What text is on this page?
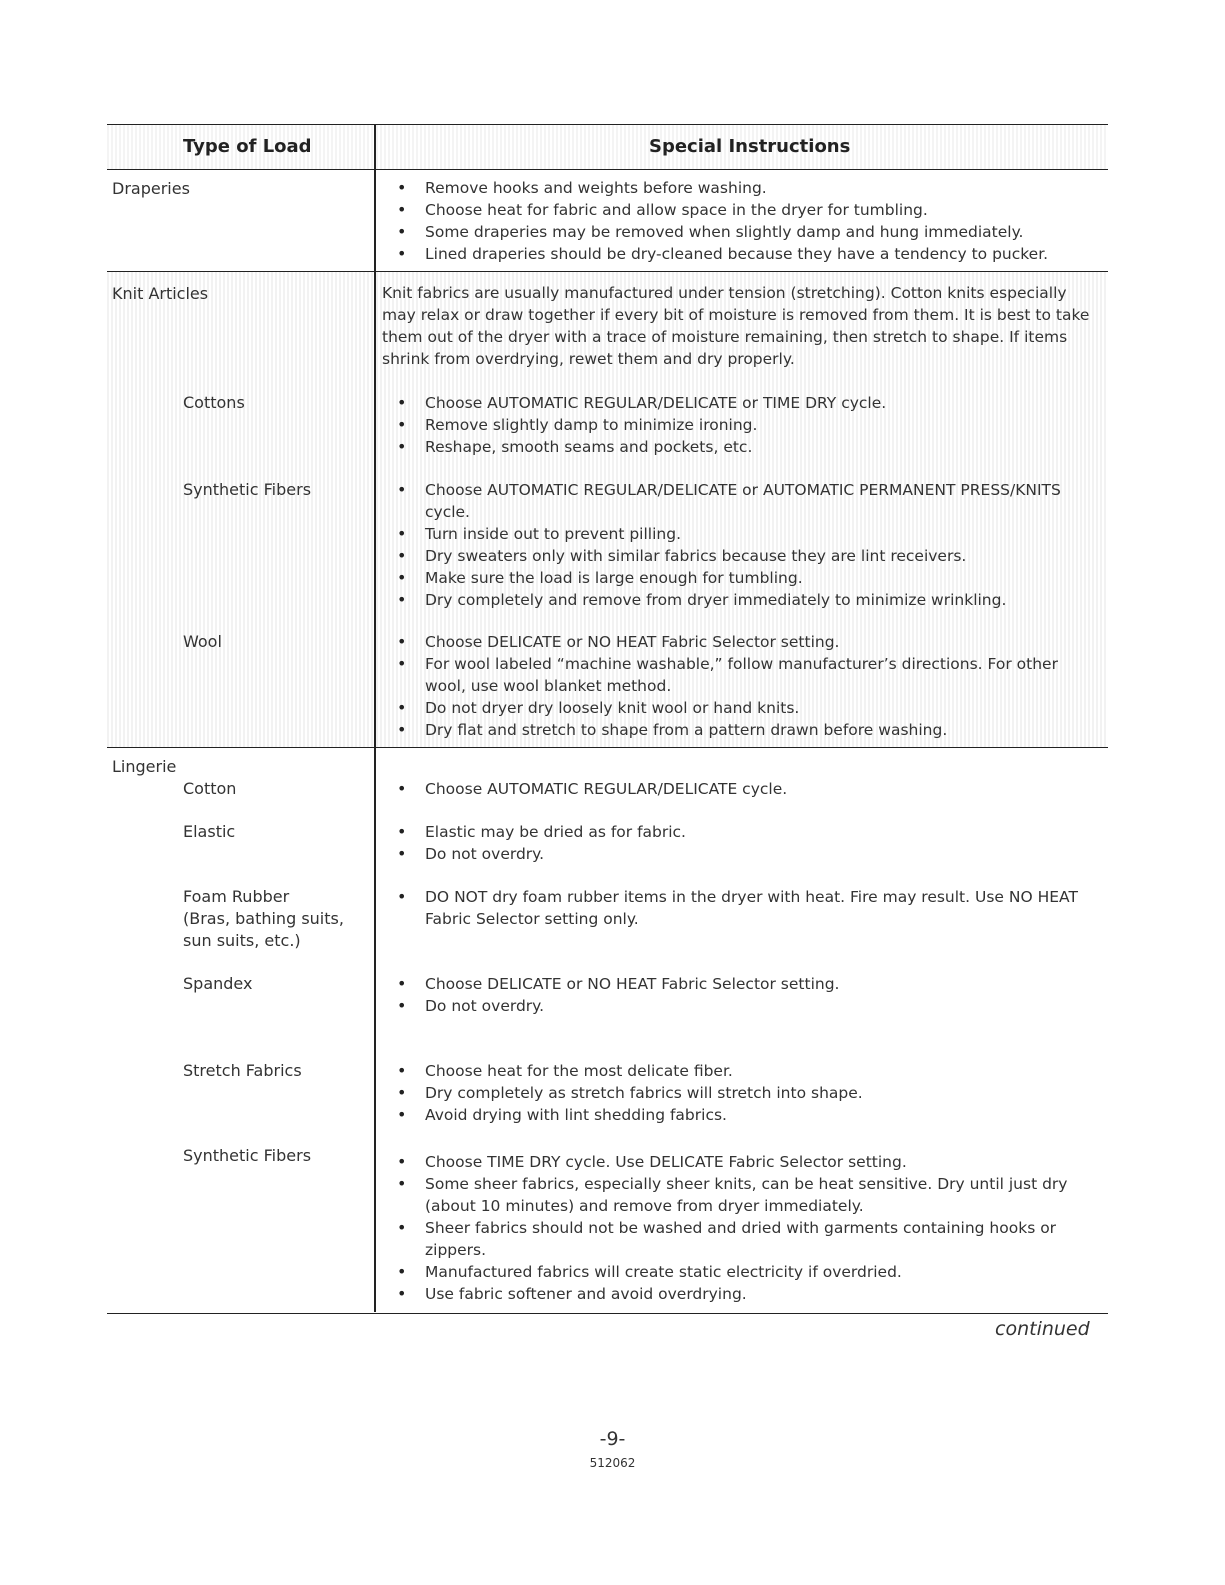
Type of Load	Special Instructions
Draperies	• Remove hooks and weights before washing.
• Choose heat for fabric and allow space in the dryer for tumbling.
• Some draperies may be removed when slightly damp and hung immediately.
• Lined draperies should be dry-cleaned because they have a tendency to pucker.
Knit Articles	Knit fabrics are usually manufactured under tension (stretching). Cotton knits especially may relax or draw together if every bit of moisture is removed from them. It is best to take them out of the dryer with a trace of moisture remaining, then stretch to shape. If items shrink from overdrying, rewet them and dry properly.
Cottons	• Choose AUTOMATIC REGULAR/DELICATE or TIME DRY cycle.
• Remove slightly damp to minimize ironing.
• Reshape, smooth seams and pockets, etc.
Synthetic Fibers	• Choose AUTOMATIC REGULAR/DELICATE or AUTOMATIC PERMANENT PRESS/KNITS cycle.
• Turn inside out to prevent pilling.
• Dry sweaters only with similar fabrics because they are lint receivers.
• Make sure the load is large enough for tumbling.
• Dry completely and remove from dryer immediately to minimize wrinkling.
Wool	• Choose DELICATE or NO HEAT Fabric Selector setting.
• For wool labeled “machine washable,” follow manufacturer’s directions. For other wool, use wool blanket method.
• Do not dryer dry loosely knit wool or hand knits.
• Dry flat and stretch to shape from a pattern drawn before washing.
Lingerie
Cotton	• Choose AUTOMATIC REGULAR/DELICATE cycle.
Elastic	• Elastic may be dried as for fabric.
• Do not overdry.
Foam Rubber
(Bras, bathing suits,
sun suits, etc.)
• DO NOT dry foam rubber items in the dryer with heat. Fire may result. Use NO HEAT Fabric Selector setting only.
Spandex	• Choose DELICATE or NO HEAT Fabric Selector setting.
• Do not overdry.
Stretch Fabrics	• Choose heat for the most delicate fiber.
• Dry completely as stretch fabrics will stretch into shape.
• Avoid drying with lint shedding fabrics.
Synthetic Fibers	• Choose TIME DRY cycle. Use DELICATE Fabric Selector setting.
• Some sheer fabrics, especially sheer knits, can be heat sensitive. Dry until just dry (about 10 minutes) and remove from dryer immediately.
• Sheer fabrics should not be washed and dried with garments containing hooks or zippers.
• Manufactured fabrics will create static electricity if overdried.
• Use fabric softener and avoid overdrying.
continued
-9-
512062
